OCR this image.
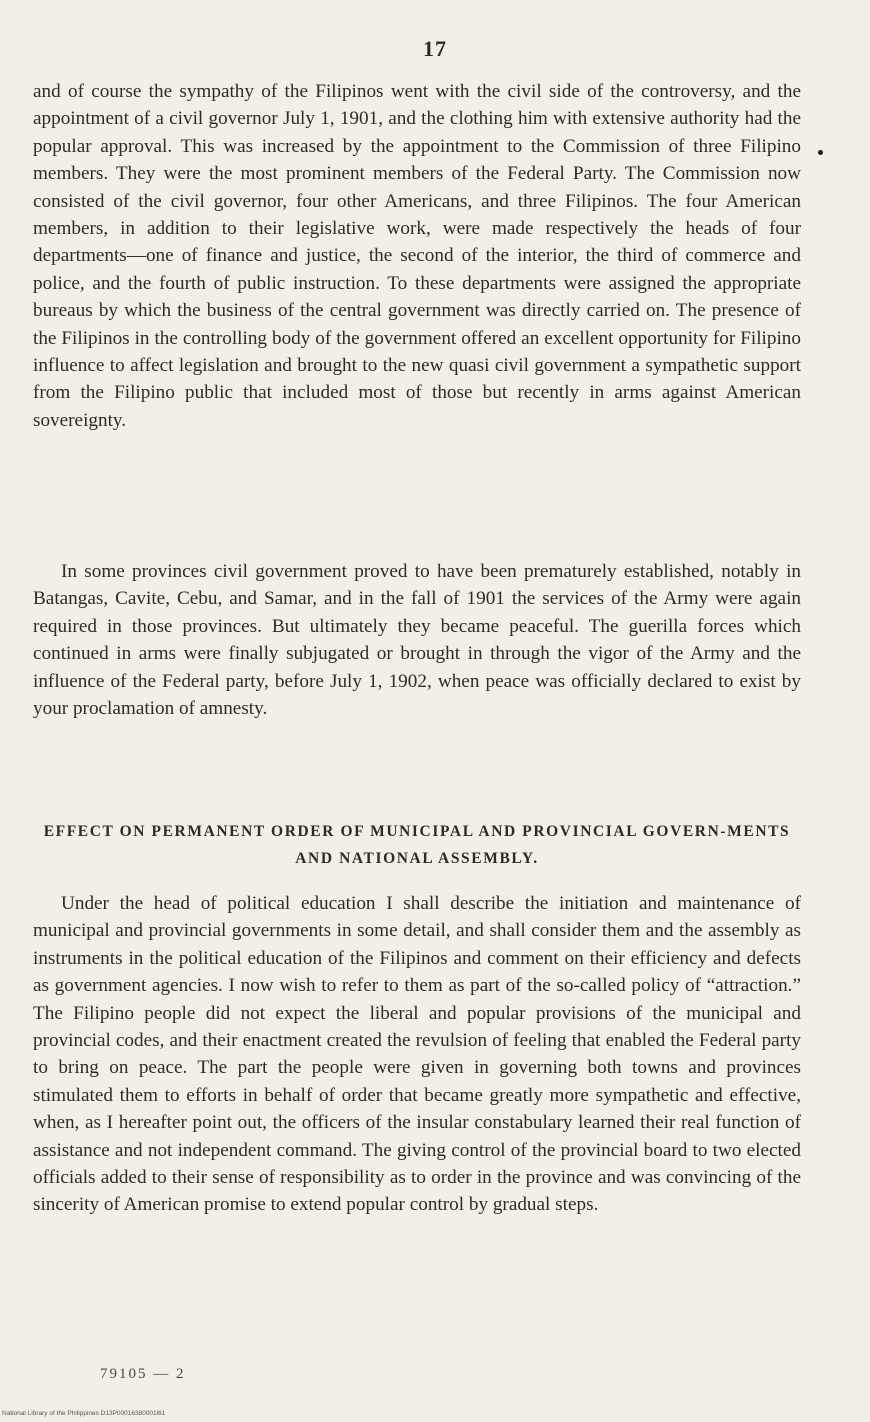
17

and of course the sympathy of the Filipinos went with the civil side of the controversy, and the appointment of a civil governor July 1, 1901, and the clothing him with extensive authority had the popular approval. This was increased by the appointment to the Commission of three Filipino members. They were the most prominent members of the Federal Party. The Commission now consisted of the civil governor, four other Americans, and three Filipinos. The four American members, in addition to their legislative work, were made respectively the heads of four departments—one of finance and justice, the second of the interior, the third of commerce and police, and the fourth of public instruction. To these departments were assigned the appropriate bureaus by which the business of the central government was directly carried on. The presence of the Filipinos in the controlling body of the government offered an excellent opportunity for Filipino influence to affect legislation and brought to the new quasi civil government a sympathetic support from the Filipino public that included most of those but recently in arms against American sovereignty.

In some provinces civil government proved to have been prematurely established, notably in Batangas, Cavite, Cebu, and Samar, and in the fall of 1901 the services of the Army were again required in those provinces. But ultimately they became peaceful. The guerilla forces which continued in arms were finally subjugated or brought in through the vigor of the Army and the influence of the Federal party, before July 1, 1902, when peace was officially declared to exist by your proclamation of amnesty.

EFFECT ON PERMANENT ORDER OF MUNICIPAL AND PROVINCIAL GOVERN-MENTS AND NATIONAL ASSEMBLY.

Under the head of political education I shall describe the initiation and maintenance of municipal and provincial governments in some detail, and shall consider them and the assembly as instruments in the political education of the Filipinos and comment on their efficiency and defects as government agencies. I now wish to refer to them as part of the so-called policy of “attraction.” The Filipino people did not expect the liberal and popular provisions of the municipal and provincial codes, and their enactment created the revulsion of feeling that enabled the Federal party to bring on peace. The part the people were given in governing both towns and provinces stimulated them to efforts in behalf of order that became greatly more sympathetic and effective, when, as I hereafter point out, the officers of the insular constabulary learned their real function of assistance and not independent command. The giving control of the provincial board to two elected officials added to their sense of responsibility as to order in the province and was convincing of the sincerity of American promise to extend popular control by gradual steps.

79105 — 2
National Library of the Philippines D13P00016380001l61
